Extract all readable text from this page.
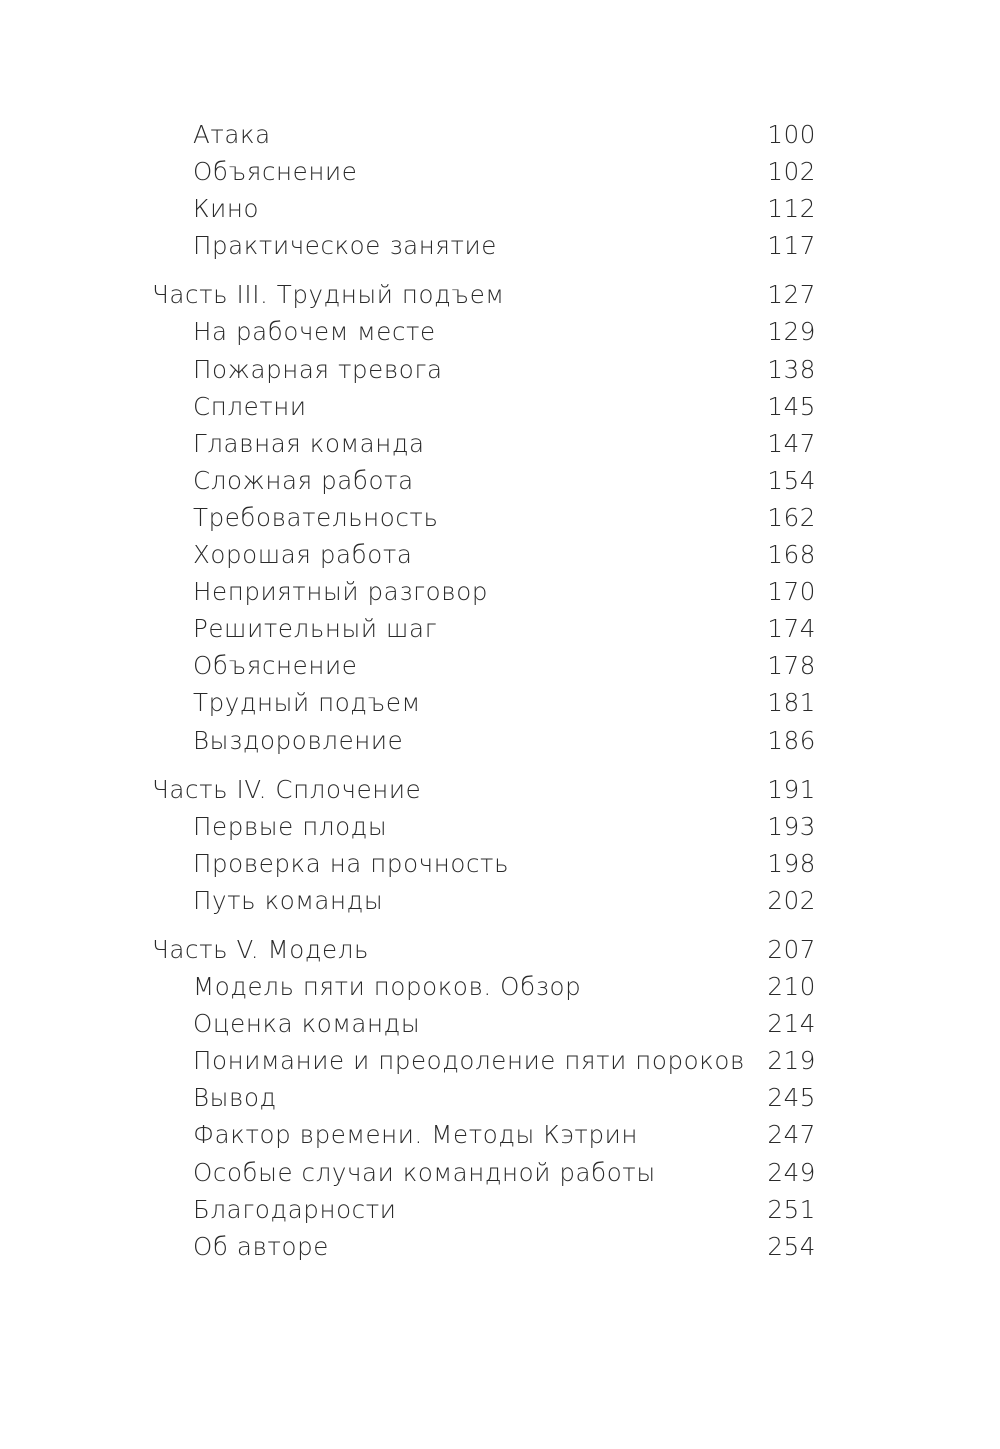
Атака	100
Объяснение	102
Кино	112
Практическое занятие	117
Часть III. Трудный подъем	127
На рабочем месте	129
Пожарная тревога	138
Сплетни	145
Главная команда	147
Сложная работа	154
Требовательность	162
Хорошая работа	168
Неприятный разговор	170
Решительный шаг	174
Объяснение	178
Трудный подъем	181
Выздоровление	186
Часть IV. Сплочение	191
Первые плоды	193
Проверка на прочность	198
Путь команды	202
Часть V. Модель	207
Модель пяти пороков. Обзор	210
Оценка команды	214
Понимание и преодоление пяти пороков 219
Вывод	245
Фактор времени. Методы Кэтрин	247
Особые случаи командной работы	249
Благодарности	251
Об авторе	254
